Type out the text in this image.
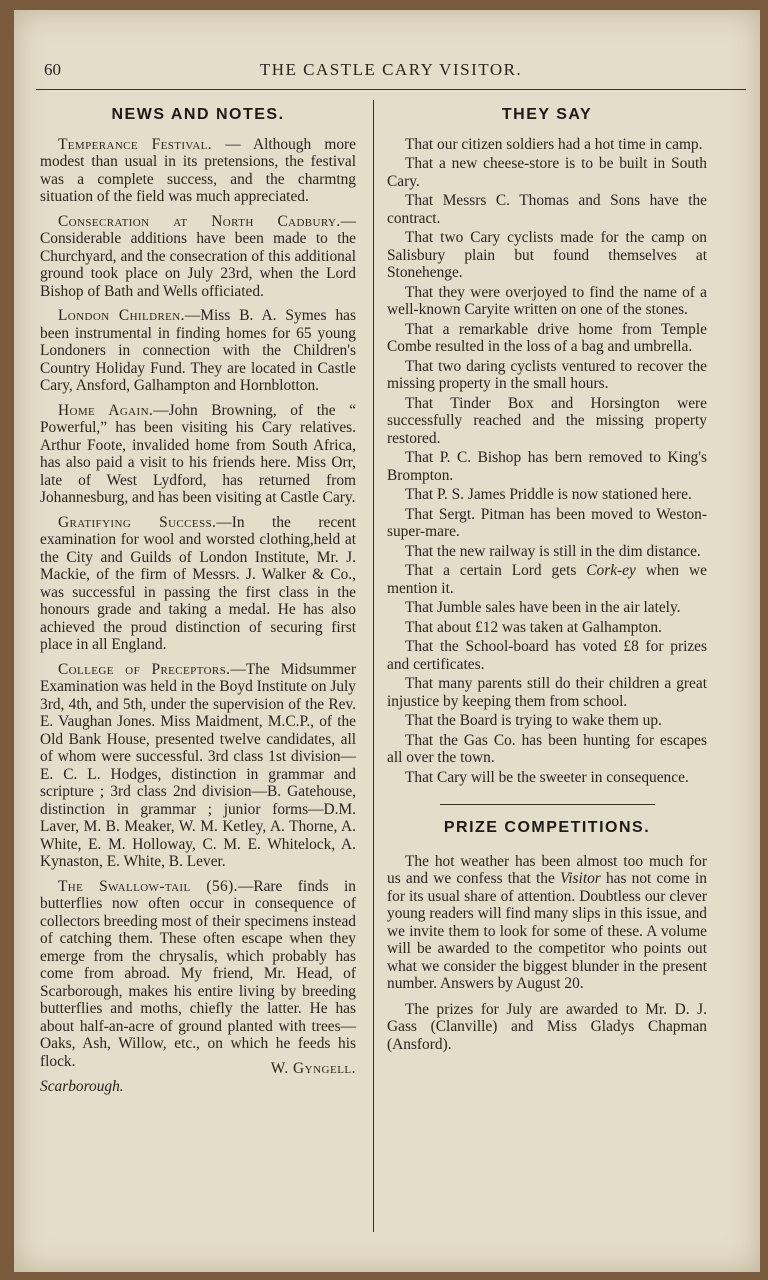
60	THE CASTLE CARY VISITOR.
NEWS AND NOTES.

Temperance Festival. — Although more modest than usual in its pretensions, the festival was a complete success, and the charmtng situation of the field was much appreciated.

Consecration at North Cadbury.—Considerable additions have been made to the Churchyard, and the consecration of this additional ground took place on July 23rd, when the Lord Bishop of Bath and Wells officiated.

London Children.—Miss B. A. Symes has been instrumental in finding homes for 65 young Londoners in connection with the Children's Country Holiday Fund. They are located in Castle Cary, Ansford, Galhampton and Hornblotton.

Home Again.—John Browning, of the “ Powerful,” has been visiting his Cary relatives. Arthur Foote, invalided home from South Africa, has also paid a visit to his friends here. Miss Orr, late of West Lydford, has returned from Johannesburg, and has been visiting at Castle Cary.

Gratifying Success.—In the recent examination for wool and worsted clothing,held at the City and Guilds of London Institute, Mr. J. Mackie, of the firm of Messrs. J. Walker & Co., was successful in passing the first class in the honours grade and taking a medal. He has also achieved the proud distinction of securing first place in all England.

College of Preceptors.—The Midsummer Examination was held in the Boyd Institute on July 3rd, 4th, and 5th, under the supervision of the Rev. E. Vaughan Jones. Miss Maidment, M.C.P., of the Old Bank House, presented twelve candidates, all of whom were successful. 3rd class 1st division—E. C. L. Hodges, distinction in grammar and scripture ; 3rd class 2nd division—B. Gatehouse, distinction in grammar ; junior forms—D.M. Laver, M. B. Meaker, W. M. Ketley, A. Thorne, A. White, E. M. Holloway, C. M. E. Whitelock, A. Kynaston, E. White, B. Lever.

The Swallow-tail (56).—Rare finds in butterflies now often occur in consequence of collectors breeding most of their specimens instead of catching them. These often escape when they emerge from the chrysalis, which probably has come from abroad. My friend, Mr. Head, of Scarborough, makes his entire living by breeding butterflies and moths, chiefly the latter. He has about half-an-acre of ground planted with trees—Oaks, Ash, Willow, etc., on which he feeds his flock.	W. Gyngell.

Scarborough.

THEY SAY

That our citizen soldiers had a hot time in camp.

That a new cheese-store is to be built in South Cary.

That Messrs C. Thomas and Sons have the contract.

That two Cary cyclists made for the camp on Salisbury plain but found themselves at Stonehenge.

That they were overjoyed to find the name of a well-known Caryite written on one of the stones.

That a remarkable drive home from Temple Combe resulted in the loss of a bag and umbrella.

That two daring cyclists ventured to recover the missing property in the small hours.

That Tinder Box and Horsington were successfully reached and the missing property restored.

That P. C. Bishop has bern removed to King's Brompton.

That P. S. James Priddle is now stationed here.

That Sergt. Pitman has been moved to Weston-super-mare.

That the new railway is still in the dim distance.

That a certain Lord gets Cork-ey when we mention it.

That Jumble sales have been in the air lately.

That about £12 was taken at Galhampton.

That the School-board has voted £8 for prizes and certificates.

That many parents still do their children a great injustice by keeping them from school.

That the Board is trying to wake them up.

That the Gas Co. has been hunting for escapes all over the town.

That Cary will be the sweeter in consequence.

PRIZE COMPETITIONS.

The hot weather has been almost too much for us and we confess that the Visitor has not come in for its usual share of attention. Doubtless our clever young readers will find many slips in this issue, and we invite them to look for some of these. A volume will be awarded to the competitor who points out what we consider the biggest blunder in the present number. Answers by August 20.

The prizes for July are awarded to Mr. D. J. Gass (Clanville) and Miss Gladys Chapman (Ansford).
